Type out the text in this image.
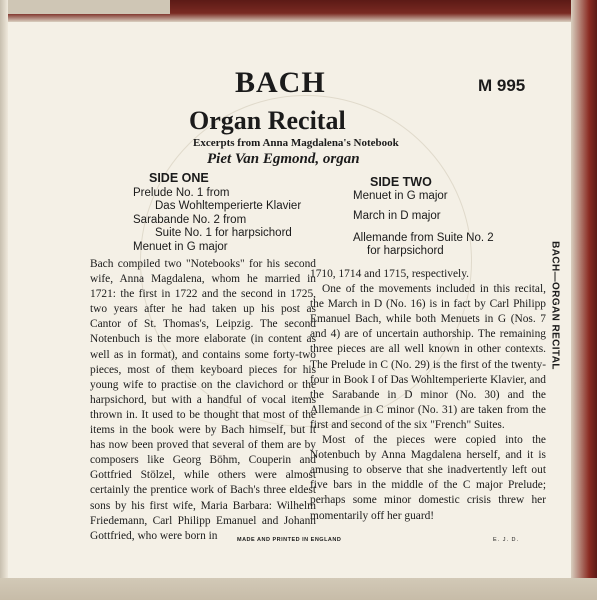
BACH	M 995
Organ Recital
Excerpts from Anna Magdalena's Notebook
Piet Van Egmond, organ
SIDE ONE
Prelude No. 1 from
Das Wohltemperierte Klavier
Sarabande No. 2 from
Suite No. 1 for harpsichord
Menuet in G major
SIDE TWO
Menuet in G major
March in D major
Allemande from Suite No. 2
for harpsichord

Bach compiled two "Notebooks" for his second wife, Anna Magdalena, whom he married in 1721: the first in 1722 and the second in 1725, two years after he had taken up his post as Cantor of St. Thomas's, Leipzig. The second Notenbuch is the more elaborate (in content as well as in format), and contains some forty-two pieces, most of them keyboard pieces for his young wife to practise on the clavichord or the harpsichord, but with a handful of vocal items thrown in. It used to be thought that most of the items in the book were by Bach himself, but it has now been proved that several of them are by composers like Georg Böhm, Couperin and Gottfried Stölzel, while others were almost certainly the prentice work of Bach's three eldest sons by his first wife, Maria Barbara: Wilhelm Friedemann, Carl Philipp Emanuel and Johann Gottfried, who were born in

1710, 1714 and 1715, respectively.

One of the movements included in this recital, the March in D (No. 16) is in fact by Carl Philipp Emanuel Bach, while both Menuets in G (Nos. 7 and 4) are of uncertain authorship. The remaining three pieces are all well known in other contexts. The Prelude in C (No. 29) is the first of the twenty-four in Book I of Das Wohltemperierte Klavier, and the Sarabande in D minor (No. 30) and the Allemande in C minor (No. 31) are taken from the first and second of the six "French" Suites.

Most of the pieces were copied into the Notenbuch by Anna Magdalena herself, and it is amusing to observe that she inadvertently left out five bars in the middle of the C major Prelude; perhaps some minor domestic crisis threw her momentarily off her guard!

BACH—ORGAN RECITAL
MADE AND PRINTED IN ENGLAND	E. J. D.
